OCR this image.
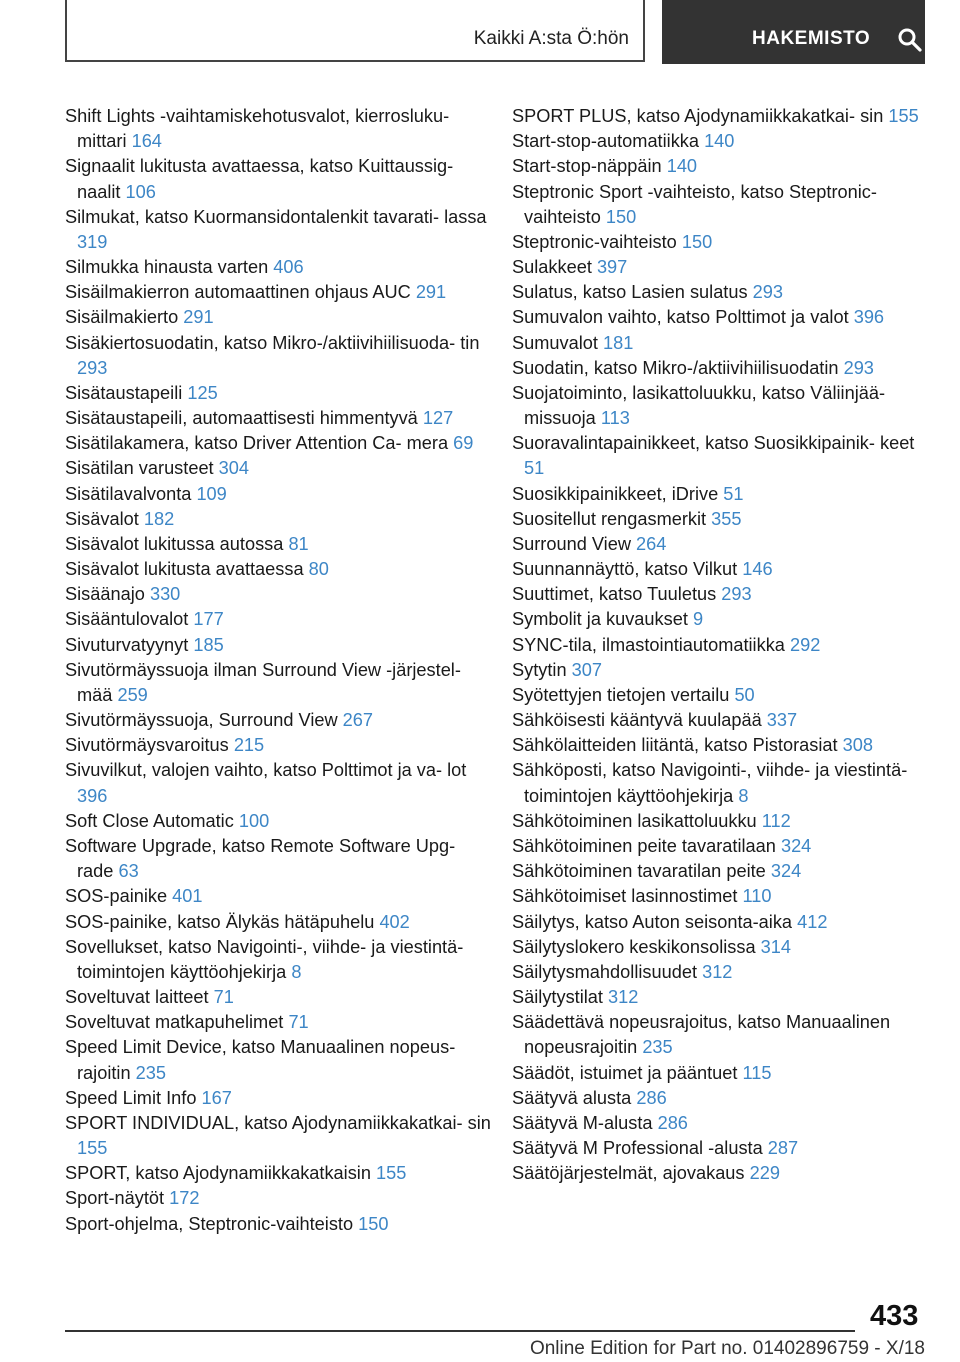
Kaikki A:sta Ö:hön	HAKEMISTO

Shift Lights -vaihtamiskehotusvalot, kierrosluku- mittari 164

Signaalit lukitusta avattaessa, katso Kuittaussig- naalit 106

Silmukat, katso Kuormansidontalenkit tavarati- lassa 319

Silmukka hinausta varten 406

Sisäilmakierron automaattinen ohjaus AUC 291

Sisäilmakierto 291

Sisäkiertosuodatin, katso Mikro-/aktiivihiilisuoda- tin 293

Sisätaustapeili 125

Sisätaustapeili, automaattisesti himmentyvä 127

Sisätilakamera, katso Driver Attention Ca- mera 69

Sisätilan varusteet 304

Sisätilavalvonta 109

Sisävalot 182

Sisävalot lukitussa autossa 81

Sisävalot lukitusta avattaessa 80

Sisäänajo 330

Sisääntulovalot 177

Sivuturvatyynyt 185

Sivutörmäyssuoja ilman Surround View -järjestel- mää 259

Sivutörmäyssuoja, Surround View 267

Sivutörmäysvaroitus 215

Sivuvilkut, valojen vaihto, katso Polttimot ja va- lot 396

Soft Close Automatic 100

Software Upgrade, katso Remote Software Upg- rade 63

SOS-painike 401

SOS-painike, katso Älykäs hätäpuhelu 402

Sovellukset, katso Navigointi-, viihde- ja viestintä- toimintojen käyttöohjekirja 8

Soveltuvat laitteet 71

Soveltuvat matkapuhelimet 71

Speed Limit Device, katso Manuaalinen nopeus- rajoitin 235

Speed Limit Info 167

SPORT INDIVIDUAL, katso Ajodynamiikkakatkai- sin 155

SPORT, katso Ajodynamiikkakatkaisin 155

Sport-näytöt 172

Sport-ohjelma, Steptronic-vaihteisto 150

SPORT PLUS, katso Ajodynamiikkakatkai- sin 155

Start-stop-automatiikka 140

Start-stop-näppäin 140

Steptronic Sport -vaihteisto, katso Steptronic- vaihteisto 150

Steptronic-vaihteisto 150

Sulakkeet 397

Sulatus, katso Lasien sulatus 293

Sumuvalon vaihto, katso Polttimot ja valot 396

Sumuvalot 181

Suodatin, katso Mikro-/aktiivihiilisuodatin 293

Suojatoiminto, lasikattoluukku, katso Väliinjää- missuoja 113

Suoravalintapainikkeet, katso Suosikkipainik- keet 51

Suosikkipainikkeet, iDrive 51

Suositellut rengasmerkit 355

Surround View 264

Suunnannäyttö, katso Vilkut 146

Suuttimet, katso Tuuletus 293

Symbolit ja kuvaukset 9

SYNC-tila, ilmastointiautomatiikka 292

Sytytin 307

Syötettyjen tietojen vertailu 50

Sähköisesti kääntyvä kuulapää 337

Sähkölaitteiden liitäntä, katso Pistorasiat 308

Sähköposti, katso Navigointi-, viihde- ja viestintä- toimintojen käyttöohjekirja 8

Sähkötoiminen lasikattoluukku 112

Sähkötoiminen peite tavaratilaan 324

Sähkötoiminen tavaratilan peite 324

Sähkötoimiset lasinnostimet 110

Säilytys, katso Auton seisonta-aika 412

Säilytyslokero keskikonsolissa 314

Säilytysmahdollisuudet 312

Säilytystilat 312

Säädettävä nopeusrajoitus, katso Manuaalinen nopeusrajoitin 235

Säädöt, istuimet ja pääntuet 115

Säätyvä alusta 286

Säätyvä M-alusta 286

Säätyvä M Professional -alusta 287

Säätöjärjestelmät, ajovakaus 229

433
Online Edition for Part no. 01402896759 - X/18
